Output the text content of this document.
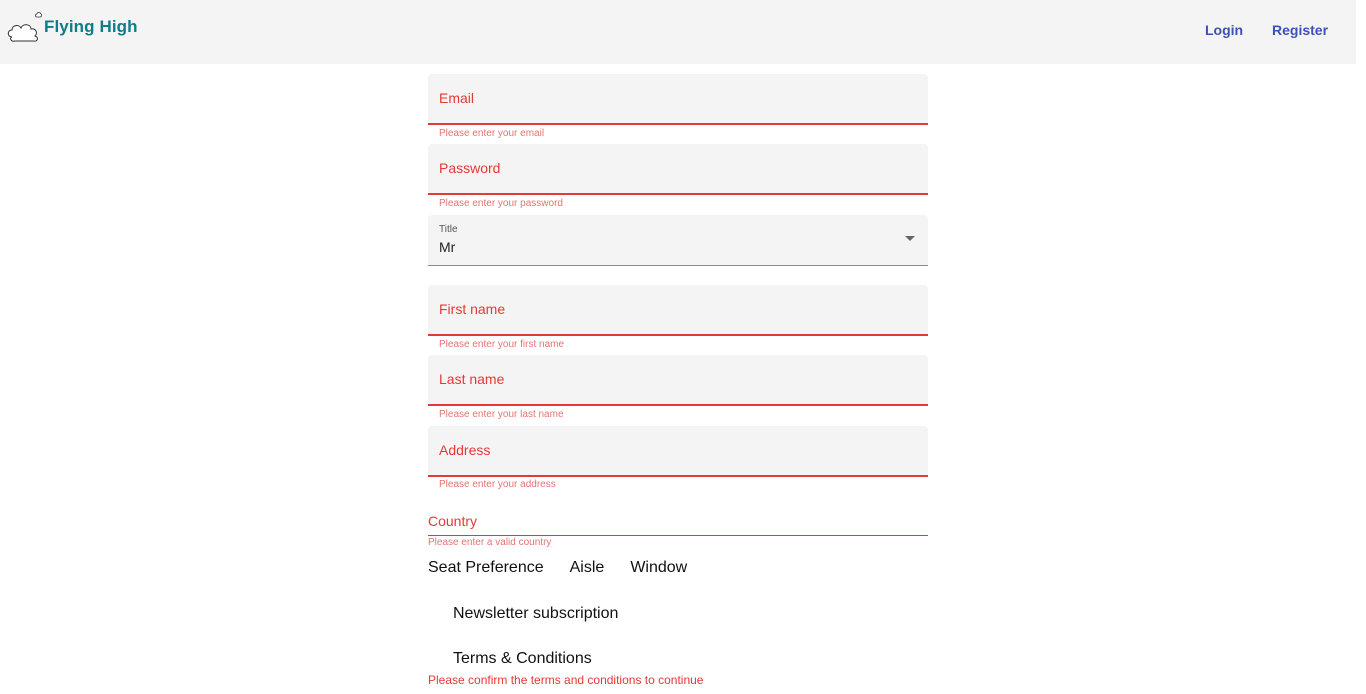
Flying High	Login Register
Email
Please enter your email
Password
Please enter your password
Title
Mr
First name
Please enter your first name
Last name
Please enter your last name
Address
Please enter your address
Country
Please enter a valid country
Seat Preference Aisle Window
Newsletter subscription
Terms & Conditions
Please confirm the terms and conditions to continue
